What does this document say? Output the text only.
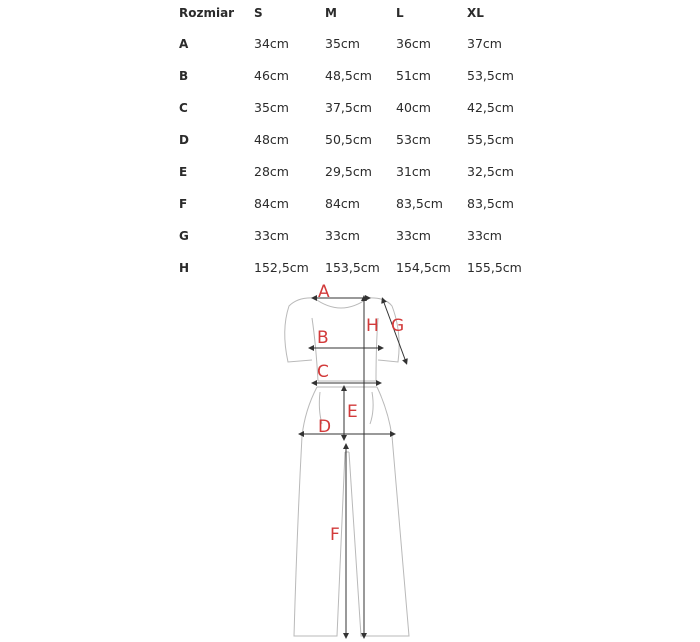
Rozmiar S	M	L	XL
A	34cm	35cm	36cm	37cm
B	46cm	48,5cm 51cm	53,5cm
C	35cm	37,5cm 40cm	42,5cm
D	48cm	50,5cm 53cm	55,5cm
E	28cm	29,5cm 31cm	32,5cm
F	84cm	84cm	83,5cm 83,5cm
G	33cm	33cm	33cm	33cm
H	152,5cm 153,5cm 154,5cm 155,5cm
A
B
C
D
E
F
G
H
